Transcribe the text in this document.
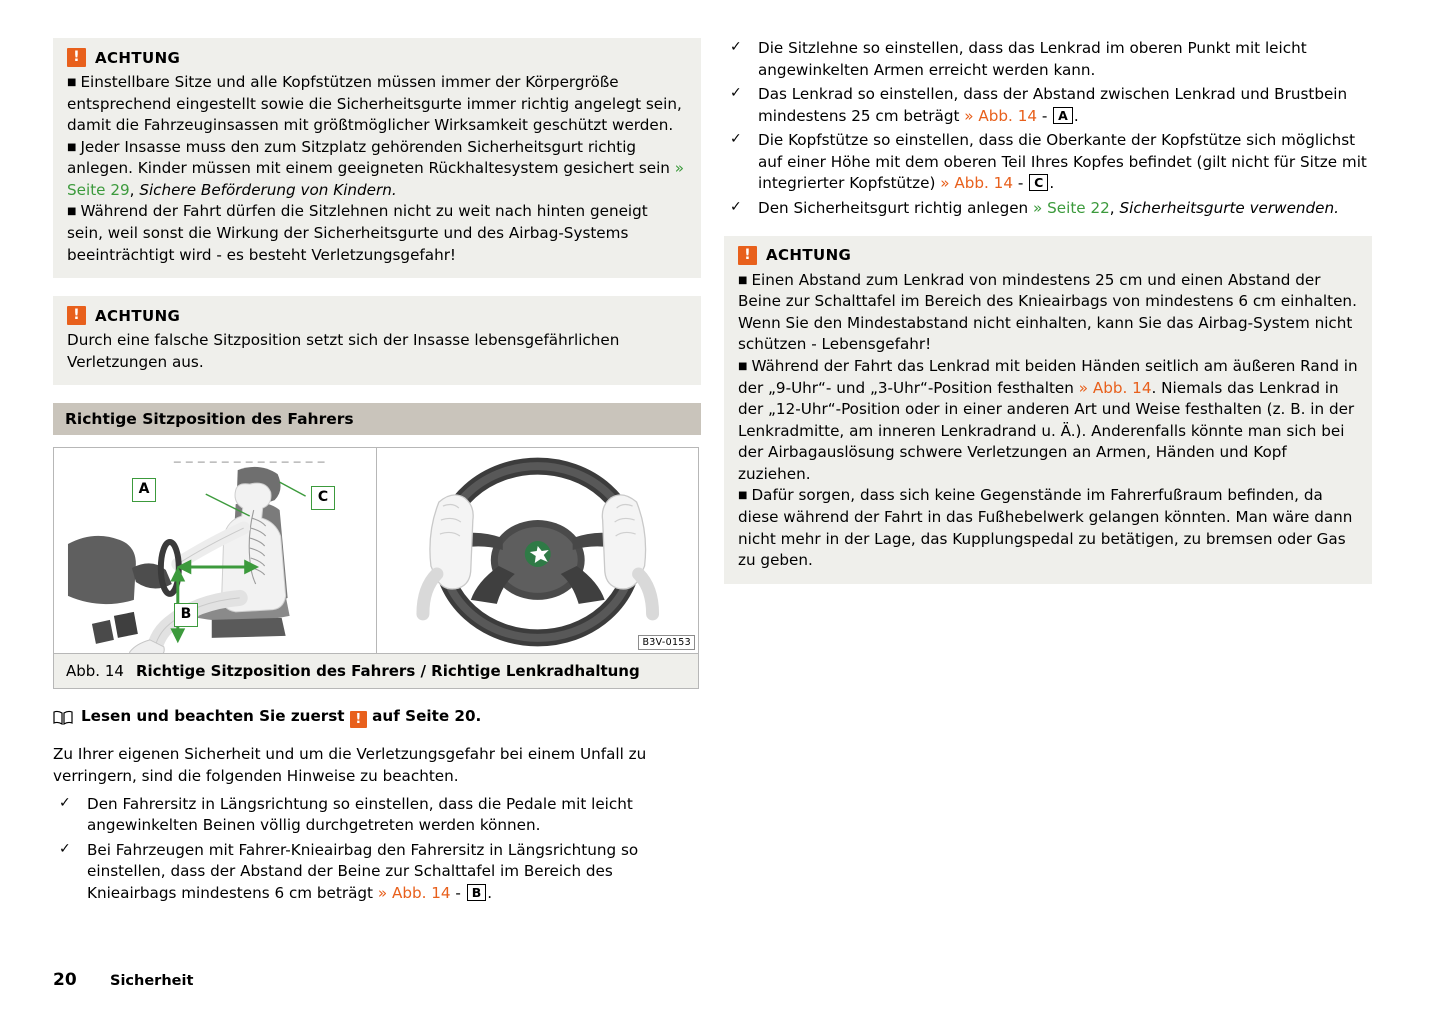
!	ACHTUNG

■ Einstellbare Sitze und alle Kopfstützen müssen immer der Körpergröße entsprechend eingestellt sowie die Sicherheitsgurte immer richtig angelegt sein, damit die Fahrzeuginsassen mit größtmöglicher Wirksamkeit geschützt werden.

■ Jeder Insasse muss den zum Sitzplatz gehörenden Sicherheitsgurt richtig anlegen. Kinder müssen mit einem geeigneten Rückhaltesystem gesichert sein » Seite 29, Sichere Beförderung von Kindern.

■ Während der Fahrt dürfen die Sitzlehnen nicht zu weit nach hinten geneigt sein, weil sonst die Wirkung der Sicherheitsgurte und des Airbag-Systems beeinträchtigt wird - es besteht Verletzungsgefahr!

!	ACHTUNG

Durch eine falsche Sitzposition setzt sich der Insasse lebensgefährlichen Verletzungen aus.

Richtige Sitzposition des Fahrers
A
B
C
B3V-0153
Abb. 14 Richtige Sitzposition des Fahrers / Richtige Lenkradhaltung
Lesen und beachten Sie zuerst ! auf Seite 20.

Zu Ihrer eigenen Sicherheit und um die Verletzungsgefahr bei einem Unfall zu verringern, sind die folgenden Hinweise zu beachten.

✓	Den Fahrersitz in Längsrichtung so einstellen, dass die Pedale mit leicht angewinkelten Beinen völlig durchgetreten werden können.
✓	Bei Fahrzeugen mit Fahrer-Knieairbag den Fahrersitz in Längsrichtung so einstellen, dass der Abstand der Beine zur Schalttafel im Bereich des Knieairbags mindestens 6 cm beträgt » Abb. 14 - B .
✓	Die Sitzlehne so einstellen, dass das Lenkrad im oberen Punkt mit leicht angewinkelten Armen erreicht werden kann.
✓	Das Lenkrad so einstellen, dass der Abstand zwischen Lenkrad und Brustbein mindestens 25 cm beträgt » Abb. 14 - A .
✓	Die Kopfstütze so einstellen, dass die Oberkante der Kopfstütze sich möglichst auf einer Höhe mit dem oberen Teil Ihres Kopfes befindet (gilt nicht für Sitze mit integrierter Kopfstütze) » Abb. 14 - C .
✓	Den Sicherheitsgurt richtig anlegen » Seite 22, Sicherheitsgurte verwenden.
!	ACHTUNG

■ Einen Abstand zum Lenkrad von mindestens 25 cm und einen Abstand der Beine zur Schalttafel im Bereich des Knieairbags von mindestens 6 cm einhalten. Wenn Sie den Mindestabstand nicht einhalten, kann Sie das Airbag-System nicht schützen - Lebensgefahr!

■ Während der Fahrt das Lenkrad mit beiden Händen seitlich am äußeren Rand in der „9-Uhr“- und „3-Uhr“-Position festhalten » Abb. 14. Niemals das Lenkrad in der „12-Uhr“-Position oder in einer anderen Art und Weise festhalten (z. B. in der Lenkradmitte, am inneren Lenkradrand u. Ä.). Anderenfalls könnte man sich bei der Airbagauslösung schwere Verletzungen an Armen, Händen und Kopf zuziehen.

■ Dafür sorgen, dass sich keine Gegenstände im Fahrerfußraum befinden, da diese während der Fahrt in das Fußhebelwerk gelangen könnten. Man wäre dann nicht mehr in der Lage, das Kupplungspedal zu betätigen, zu bremsen oder Gas zu geben.

20	Sicherheit
